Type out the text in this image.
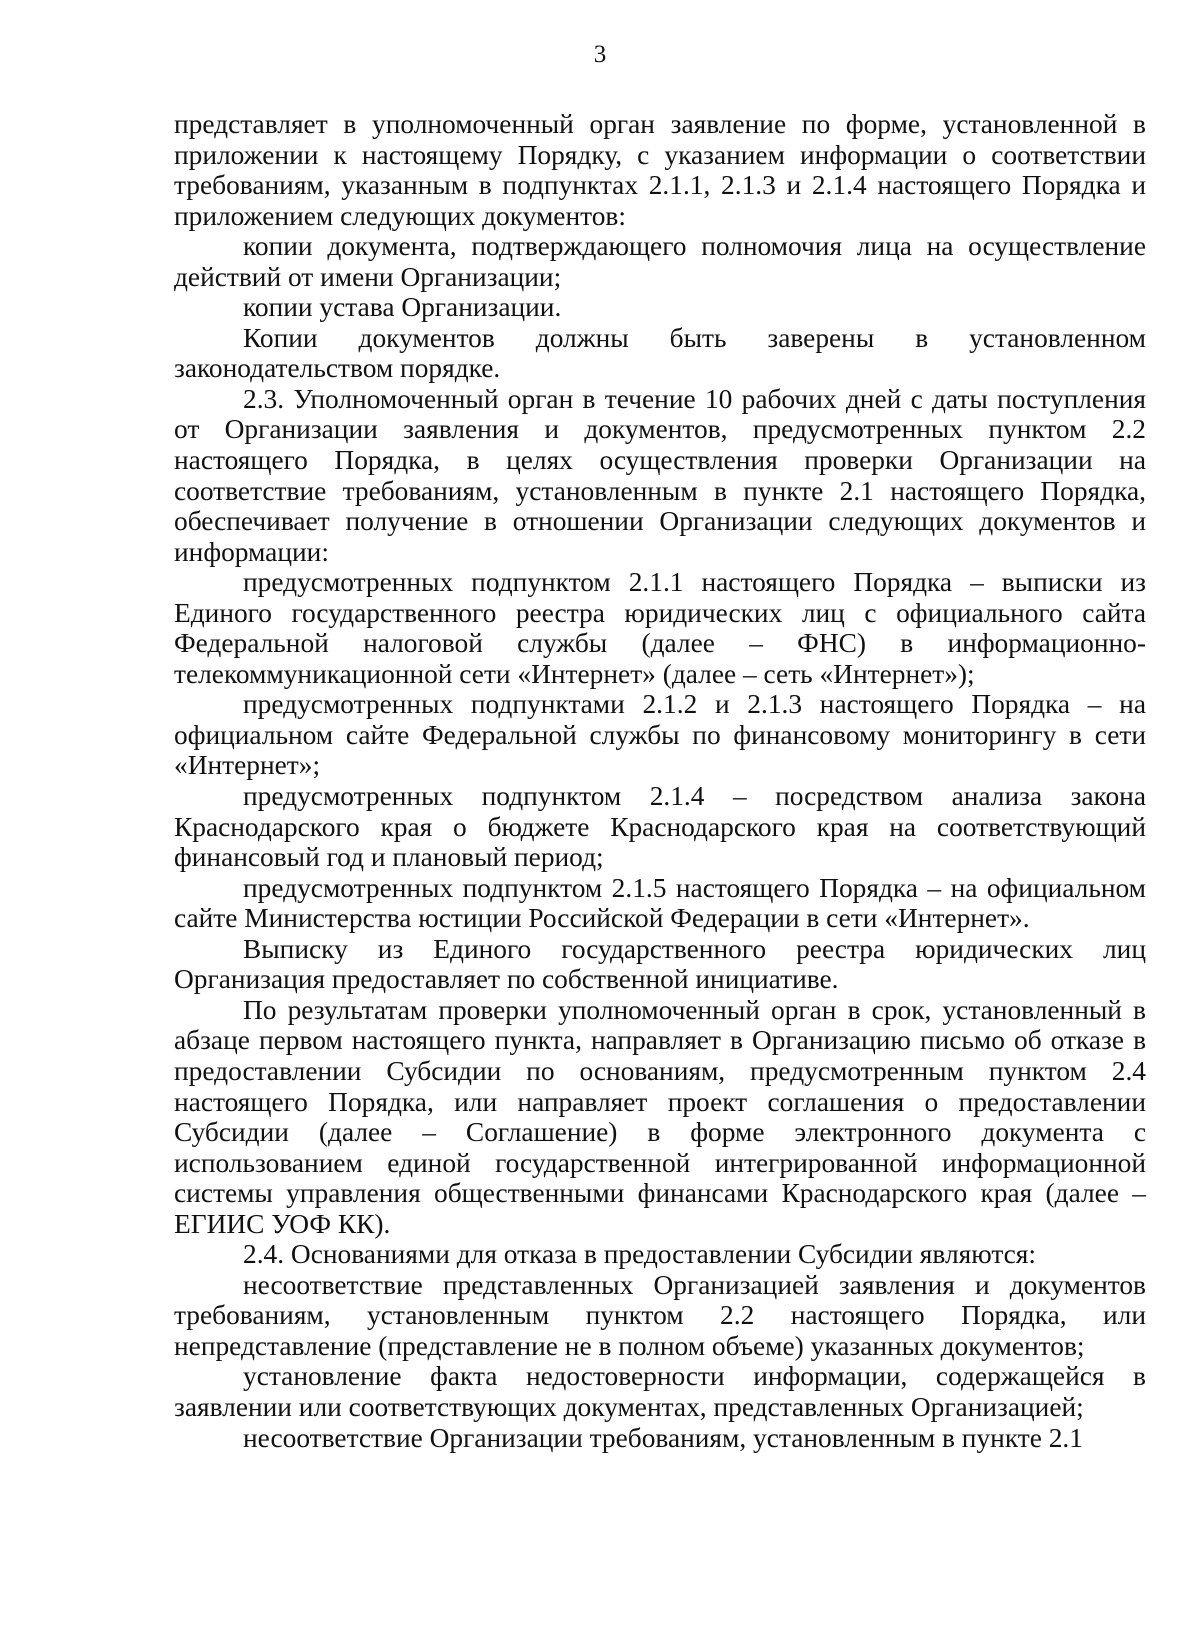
3

представляет в уполномоченный орган заявление по форме, установленной в приложении к настоящему Порядку, с указанием информации о соответствии требованиям, указанным в подпунктах 2.1.1, 2.1.3 и 2.1.4 настоящего Порядка и приложением следующих документов:

копии документа, подтверждающего полномочия лица на осуществление действий от имени Организации;

копии устава Организации.

Копии документов должны быть заверены в установленном законодательством порядке.

2.3. Уполномоченный орган в течение 10 рабочих дней с даты поступления от Организации заявления и документов, предусмотренных пунктом 2.2 настоящего Порядка, в целях осуществления проверки Организации на соответствие требованиям, установленным в пункте 2.1 настоящего Порядка, обеспечивает получение в отношении Организации следующих документов и информации:

предусмотренных подпунктом 2.1.1 настоящего Порядка – выписки из Единого государственного реестра юридических лиц с официального сайта Федеральной налоговой службы (далее – ФНС) в информационно-телекоммуникационной сети «Интернет» (далее – сеть «Интернет»);

предусмотренных подпунктами 2.1.2 и 2.1.3 настоящего Порядка – на официальном сайте Федеральной службы по финансовому мониторингу в сети «Интернет»;

предусмотренных подпунктом 2.1.4 – посредством анализа закона Краснодарского края о бюджете Краснодарского края на соответствующий финансовый год и плановый период;

предусмотренных подпунктом 2.1.5 настоящего Порядка – на официальном сайте Министерства юстиции Российской Федерации в сети «Интернет».

Выписку из Единого государственного реестра юридических лиц Организация предоставляет по собственной инициативе.

По результатам проверки уполномоченный орган в срок, установленный в абзаце первом настоящего пункта, направляет в Организацию письмо об отказе в предоставлении Субсидии по основаниям, предусмотренным пунктом 2.4 настоящего Порядка, или направляет проект соглашения о предоставлении Субсидии (далее – Соглашение) в форме электронного документа с использованием единой государственной интегрированной информационной системы управления общественными финансами Краснодарского края (далее – ЕГИИС УОФ КК).

2.4. Основаниями для отказа в предоставлении Субсидии являются:

несоответствие представленных Организацией заявления и документов требованиям, установленным пунктом 2.2 настоящего Порядка, или непредставление (представление не в полном объеме) указанных документов;

установление факта недостоверности информации, содержащейся в заявлении или соответствующих документах, представленных Организацией;

несоответствие Организации требованиям, установленным в пункте 2.1
